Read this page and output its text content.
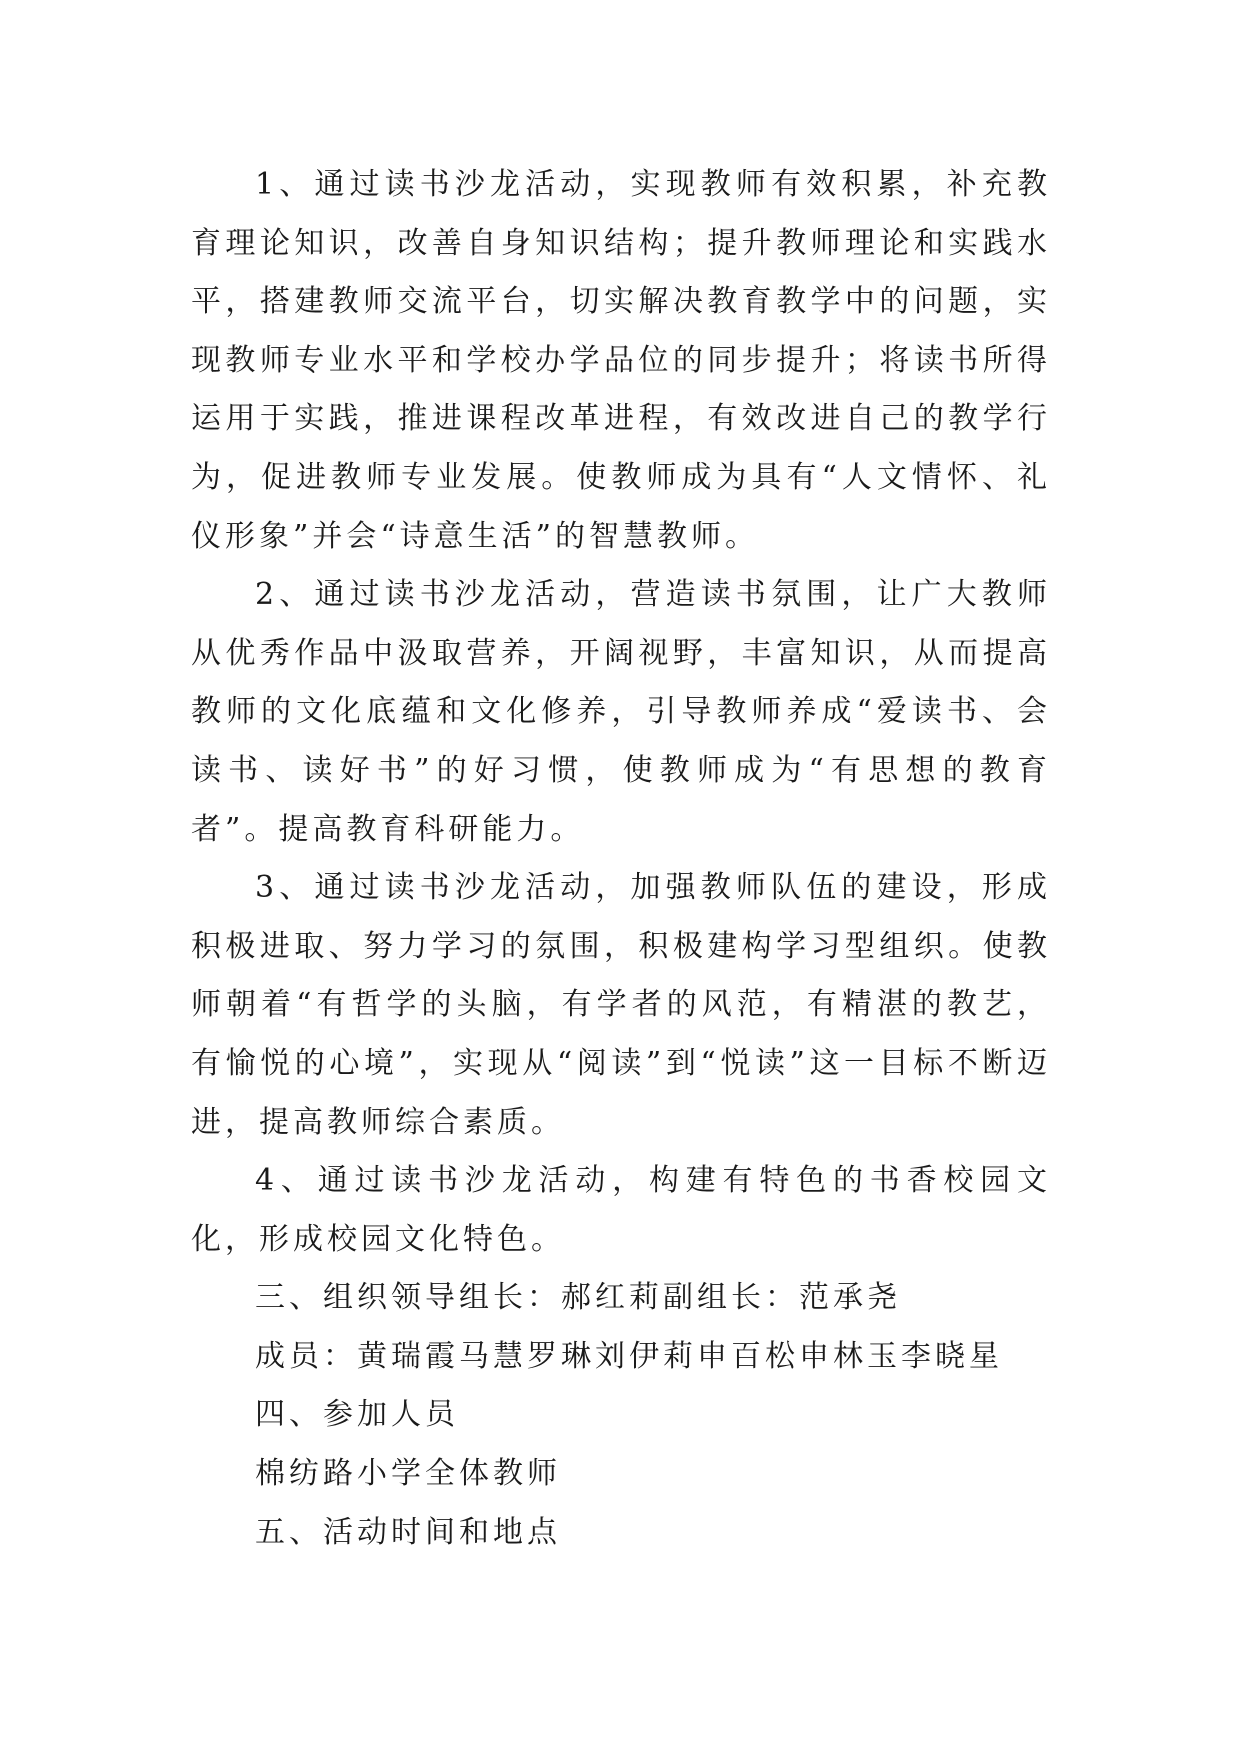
1、通过读书沙龙活动，实现教师有效积累，补充教育理论知识，改善自身知识结构；提升教师理论和实践水平，搭建教师交流平台，切实解决教育教学中的问题，实现教师专业水平和学校办学品位的同步提升；将读书所得运用于实践，推进课程改革进程，有效改进自己的教学行为，促进教师专业发展。使教师成为具有“人文情怀、礼仪形象”并会“诗意生活”的智慧教师。

2、通过读书沙龙活动，营造读书氛围，让广大教师从优秀作品中汲取营养，开阔视野，丰富知识，从而提高教师的文化底蕴和文化修养，引导教师养成“爱读书、会读书、读好书”的好习惯，使教师成为“有思想的教育者”。提高教育科研能力。

3、通过读书沙龙活动，加强教师队伍的建设，形成积极进取、努力学习的氛围，积极建构学习型组织。使教师朝着“有哲学的头脑，有学者的风范，有精湛的教艺，有愉悦的心境”，实现从“阅读”到“悦读”这一目标不断迈进，提高教师综合素质。

4、通过读书沙龙活动，构建有特色的书香校园文化，形成校园文化特色。

三、组织领导组长：郝红莉副组长：范承尧

成员：黄瑞霞马慧罗琳刘伊莉申百松申林玉李晓星

四、参加人员

棉纺路小学全体教师

五、活动时间和地点
